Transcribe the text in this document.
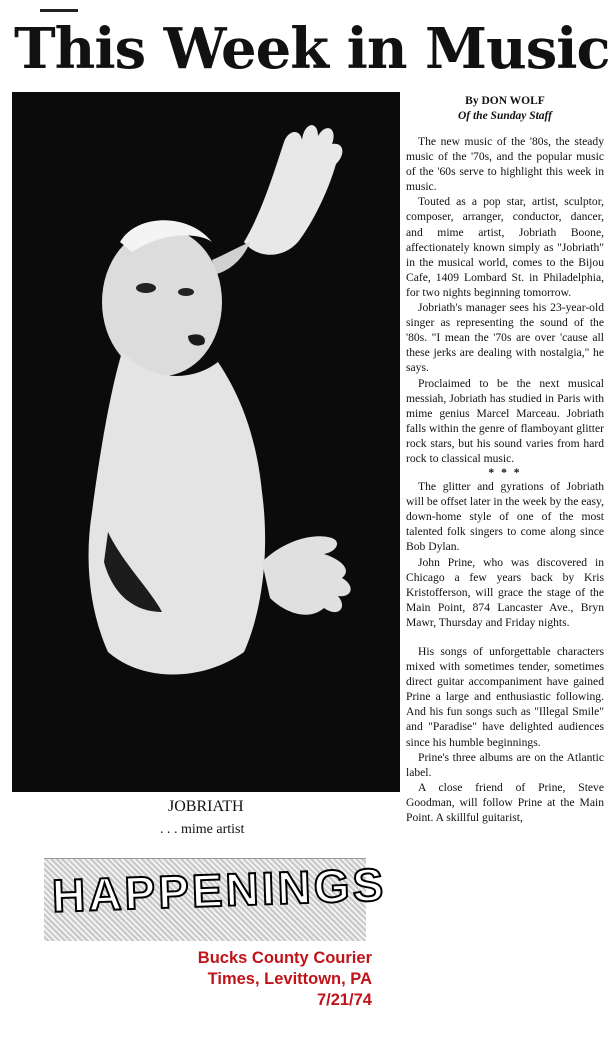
This Week in Music
JOBRIATH
. . . mime artist
HAPPENINGS
Bucks County Courier
Times, Levittown, PA
7/21/74
By DON WOLF
Of the Sunday Staff

The new music of the '80s, the steady music of the '70s, and the popular music of the '60s serve to highlight this week in music.

Touted as a pop star, artist, sculptor, composer, arranger, conductor, dancer, and mime artist, Jobriath Boone, affectionately known simply as "Jobriath" in the musical world, comes to the Bijou Cafe, 1409 Lombard St. in Philadelphia, for two nights beginning tomorrow.

Jobriath's manager sees his 23-year-old singer as representing the sound of the '80s. "I mean the '70s are over 'cause all these jerks are dealing with nostalgia," he says.

Proclaimed to be the next musical messiah, Jobriath has studied in Paris with mime genius Marcel Marceau. Jobriath falls within the genre of flamboyant glitter rock stars, but his sound varies from hard rock to classical music.

* * *

The glitter and gyrations of Jobriath will be offset later in the week by the easy, down-home style of one of the most talented folk singers to come along since Bob Dylan.

John Prine, who was discovered in Chicago a few years back by Kris Kristofferson, will grace the stage of the Main Point, 874 Lancaster Ave., Bryn Mawr, Thursday and Friday nights.

His songs of unforgettable characters mixed with sometimes tender, sometimes direct guitar accompaniment have gained Prine a large and enthusiastic following. And his fun songs such as "Illegal Smile" and "Paradise" have delighted audiences since his humble beginnings.

Prine's three albums are on the Atlantic label.

A close friend of Prine, Steve Goodman, will follow Prine at the Main Point. A skillful guitarist,
